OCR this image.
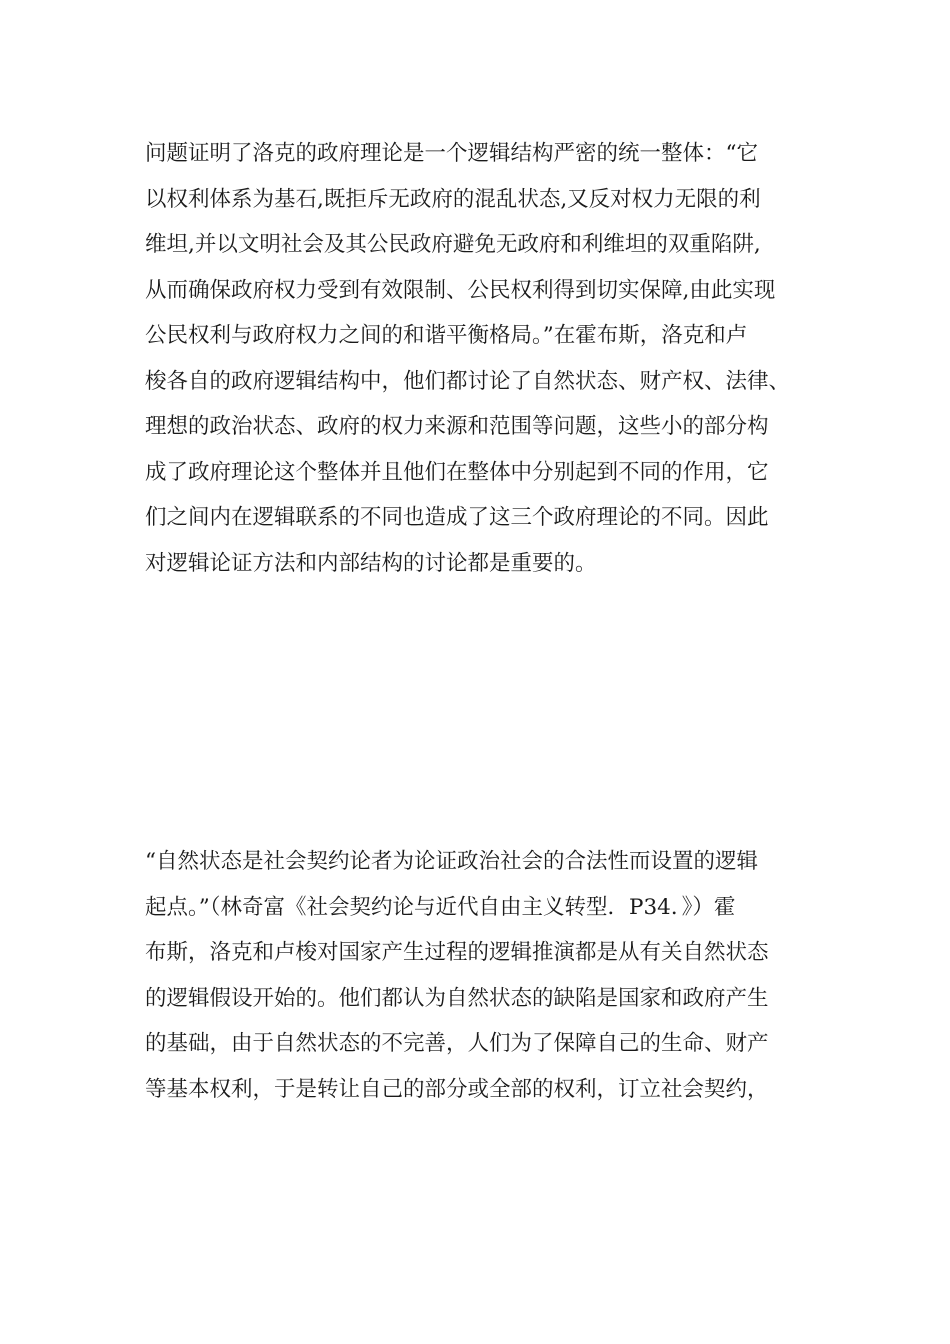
问题证明了洛克的政府理论是一个逻辑结构严密的统一整体：“它
以权利体系为基石,既拒斥无政府的混乱状态,又反对权力无限的利
维坦,并以文明社会及其公民政府避免无政府和利维坦的双重陷阱,
从而确保政府权力受到有效限制、公民权利得到切实保障,由此实现
公民权利与政府权力之间的和谐平衡格局。”在霍布斯，洛克和卢
梭各自的政府逻辑结构中，他们都讨论了自然状态、财产权、法律、
理想的政治状态、政府的权力来源和范围等问题，这些小的部分构
成了政府理论这个整体并且他们在整体中分别起到不同的作用，它
们之间内在逻辑联系的不同也造成了这三个政府理论的不同。因此
对逻辑论证方法和内部结构的讨论都是重要的。
“自然状态是社会契约论者为论证政治社会的合法性而设置的逻辑
起点。”（林奇富《社会契约论与近代自由主义转型．P34．》）霍
布斯，洛克和卢梭对国家产生过程的逻辑推演都是从有关自然状态
的逻辑假设开始的。他们都认为自然状态的缺陷是国家和政府产生
的基础，由于自然状态的不完善，人们为了保障自己的生命、财产
等基本权利，于是转让自己的部分或全部的权利，订立社会契约，
